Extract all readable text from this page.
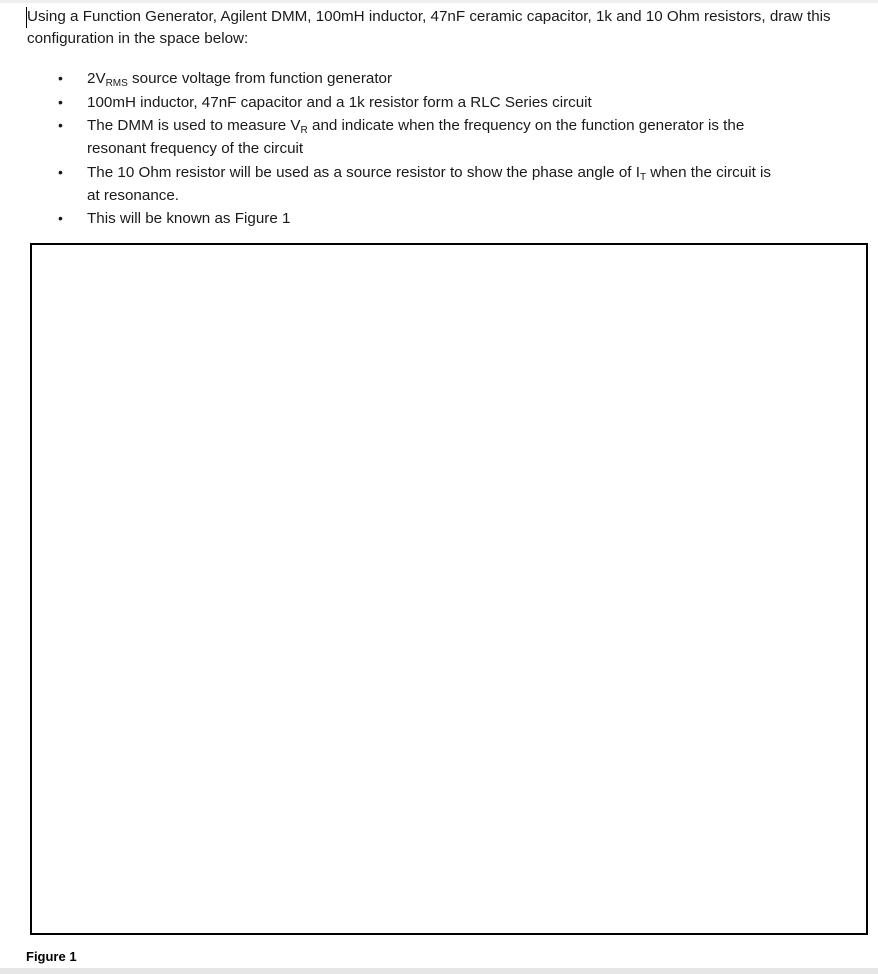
Using a Function Generator, Agilent DMM, 100mH inductor, 47nF ceramic capacitor, 1k and 10 Ohm resistors, draw this configuration in the space below:

• 2VRMS source voltage from function generator
• 100mH inductor, 47nF capacitor and a 1k resistor form a RLC Series circuit
• The DMM is used to measure VR and indicate when the frequency on the function generator is the resonant frequency of the circuit
• The 10 Ohm resistor will be used as a source resistor to show the phase angle of IT when the circuit is at resonance.
• This will be known as Figure 1
Figure 1
